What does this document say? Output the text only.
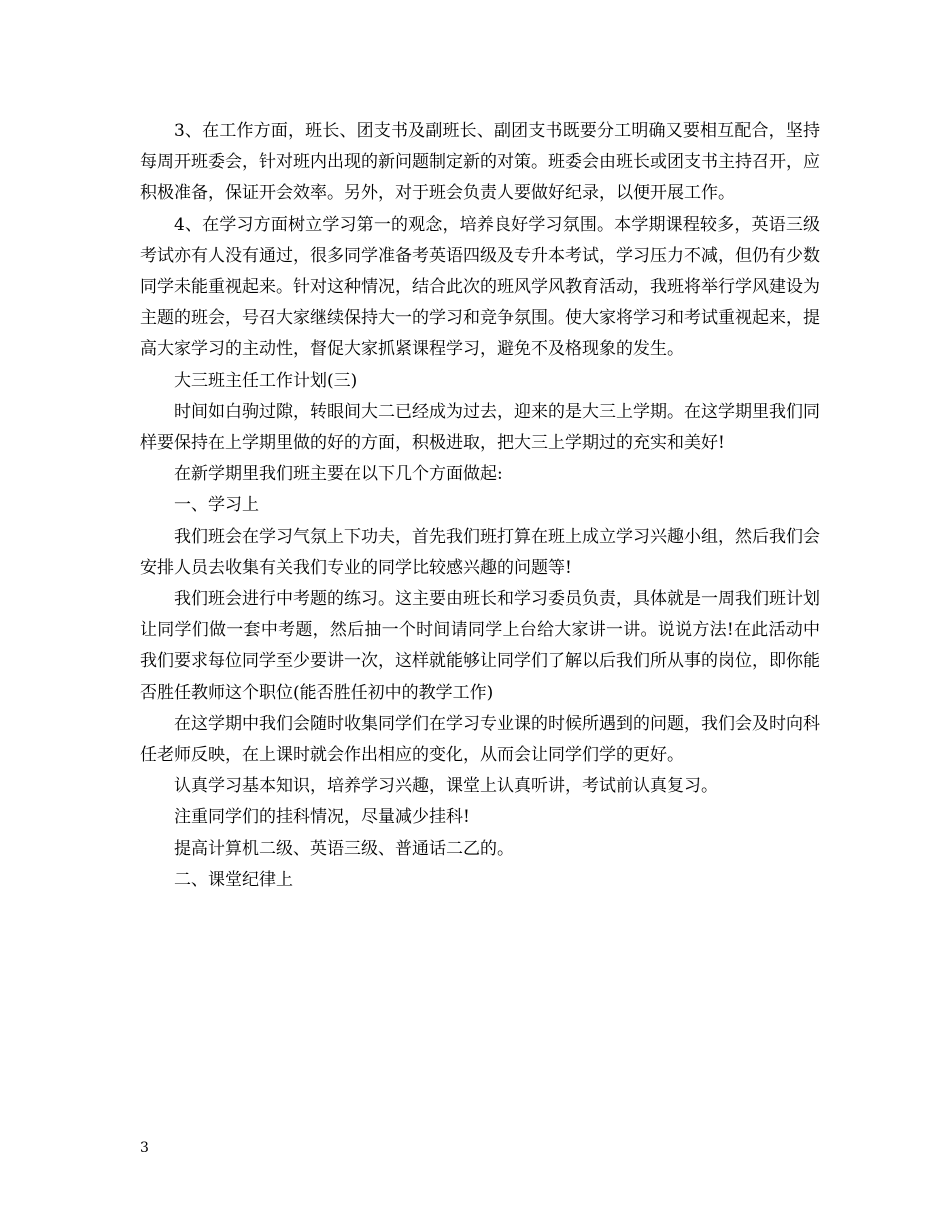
3、在工作方面，班长、团支书及副班长、副团支书既要分工明确又要相互配合，坚持每周开班委会，针对班内出现的新问题制定新的对策。班委会由班长或团支书主持召开，应积极准备，保证开会效率。另外，对于班会负责人要做好纪录，以便开展工作。

4、在学习方面树立学习第一的观念，培养良好学习氛围。本学期课程较多，英语三级考试亦有人没有通过，很多同学准备考英语四级及专升本考试，学习压力不减，但仍有少数同学未能重视起来。针对这种情况，结合此次的班风学风教育活动，我班将举行学风建设为主题的班会，号召大家继续保持大一的学习和竞争氛围。使大家将学习和考试重视起来，提高大家学习的主动性，督促大家抓紧课程学习，避免不及格现象的发生。

大三班主任工作计划(三)

时间如白驹过隙，转眼间大二已经成为过去，迎来的是大三上学期。在这学期里我们同样要保持在上学期里做的好的方面，积极进取，把大三上学期过的充实和美好!

在新学期里我们班主要在以下几个方面做起:

一、学习上

我们班会在学习气氛上下功夫，首先我们班打算在班上成立学习兴趣小组，然后我们会安排人员去收集有关我们专业的同学比较感兴趣的问题等!

我们班会进行中考题的练习。这主要由班长和学习委员负责，具体就是一周我们班计划让同学们做一套中考题，然后抽一个时间请同学上台给大家讲一讲。说说方法!在此活动中我们要求每位同学至少要讲一次，这样就能够让同学们了解以后我们所从事的岗位，即你能否胜任教师这个职位(能否胜任初中的教学工作)

在这学期中我们会随时收集同学们在学习专业课的时候所遇到的问题，我们会及时向科任老师反映，在上课时就会作出相应的变化，从而会让同学们学的更好。

认真学习基本知识，培养学习兴趣，课堂上认真听讲，考试前认真复习。

注重同学们的挂科情况，尽量减少挂科!

提高计算机二级、英语三级、普通话二乙的。

二、课堂纪律上

3
